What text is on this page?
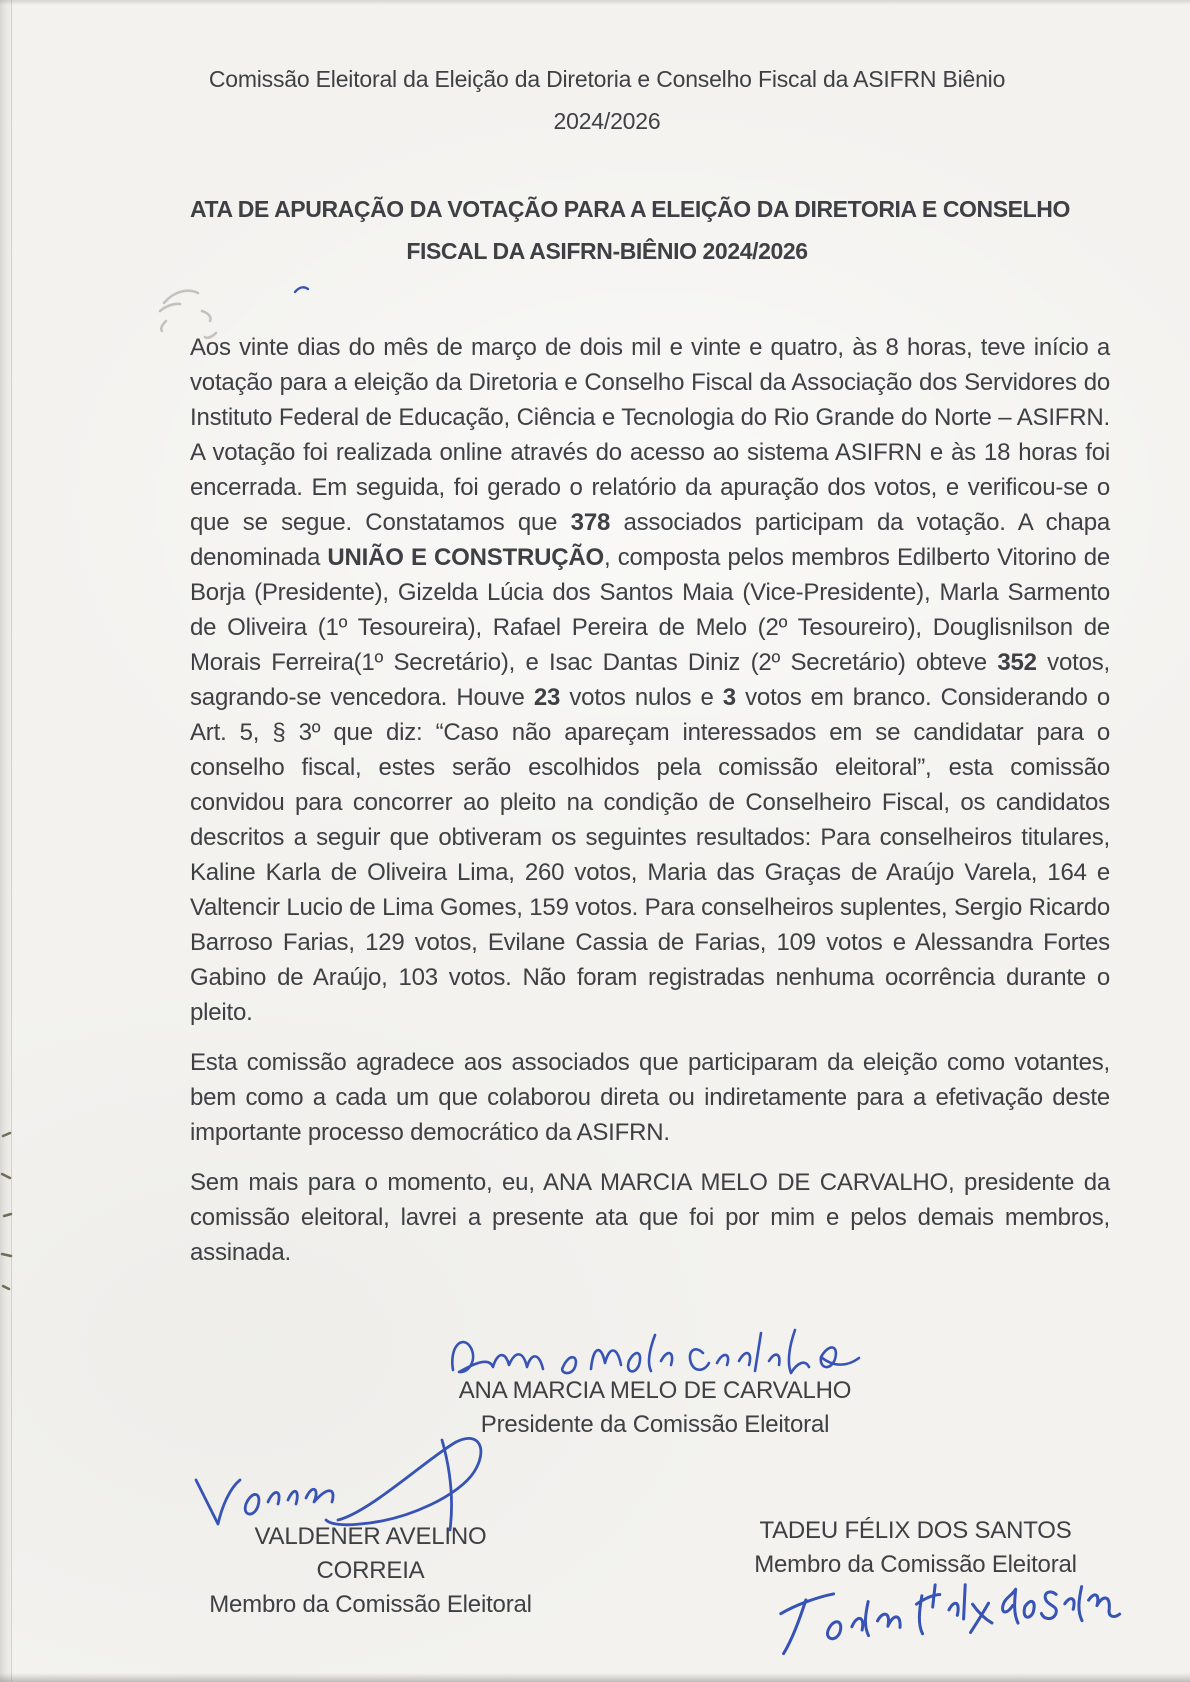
Comissão Eleitoral da Eleição da Diretoria e Conselho Fiscal da ASIFRN Biênio
2024/2026
ATA DE APURAÇÃO DA VOTAÇÃO PARA A ELEIÇÃO DA DIRETORIA E CONSELHO
FISCAL DA ASIFRN-BIÊNIO 2024/2026

Aos vinte dias do mês de março de dois mil e vinte e quatro, às 8 horas, teve início a votação para a eleição da Diretoria e Conselho Fiscal da Associação dos Servidores do Instituto Federal de Educação, Ciência e Tecnologia do Rio Grande do Norte – ASIFRN. A votação foi realizada online através do acesso ao sistema ASIFRN e às 18 horas foi encerrada. Em seguida, foi gerado o relatório da apuração dos votos, e verificou-se o que se segue. Constatamos que 378 associados participam da votação. A chapa denominada UNIÃO E CONSTRUÇÃO, composta pelos membros Edilberto Vitorino de Borja (Presidente), Gizelda Lúcia dos Santos Maia (Vice-Presidente), Marla Sarmento de Oliveira (1º Tesoureira), Rafael Pereira de Melo (2º Tesoureiro), Douglisnilson de Morais Ferreira(1º Secretário), e Isac Dantas Diniz (2º Secretário) obteve 352 votos, sagrando-se vencedora. Houve 23 votos nulos e 3 votos em branco. Considerando o Art. 5, § 3º que diz: “Caso não apareçam interessados em se candidatar para o conselho fiscal, estes serão escolhidos pela comissão eleitoral”, esta comissão convidou para concorrer ao pleito na condição de Conselheiro Fiscal, os candidatos descritos a seguir que obtiveram os seguintes resultados: Para conselheiros titulares, Kaline Karla de Oliveira Lima, 260 votos, Maria das Graças de Araújo Varela, 164 e Valtencir Lucio de Lima Gomes, 159 votos. Para conselheiros suplentes, Sergio Ricardo Barroso Farias, 129 votos, Evilane Cassia de Farias, 109 votos e Alessandra Fortes Gabino de Araújo, 103 votos. Não foram registradas nenhuma ocorrência durante o pleito.

Esta comissão agradece aos associados que participaram da eleição como votantes, bem como a cada um que colaborou direta ou indiretamente para a efetivação deste importante processo democrático da ASIFRN.

Sem mais para o momento, eu, ANA MARCIA MELO DE CARVALHO, presidente da comissão eleitoral, lavrei a presente ata que foi por mim e pelos demais membros, assinada.

ANA MARCIA MELO DE CARVALHO
Presidente da Comissão Eleitoral
VALDENER AVELINO CORREIA
Membro da Comissão Eleitoral
TADEU FÉLIX DOS SANTOS
Membro da Comissão Eleitoral
